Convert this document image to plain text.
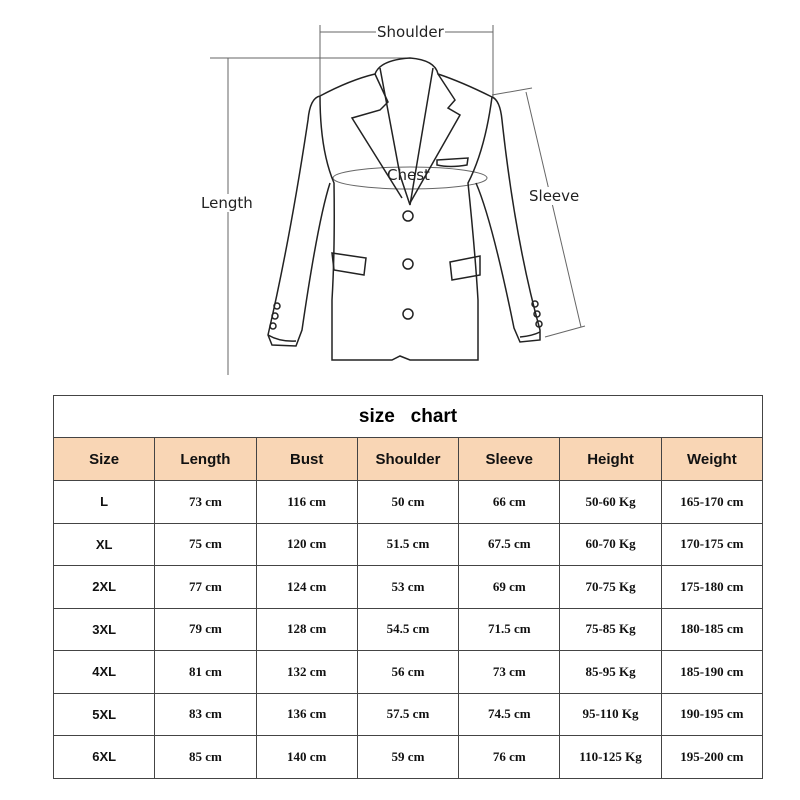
Shoulder
Length
Chest
Sleeve
size   chart						
Size	Length	Bust	Shoulder	Sleeve	Height	Weight
L	73 cm	116 cm	50 cm	66 cm	50-60 Kg	165-170 cm
XL	75 cm	120 cm	51.5 cm	67.5 cm	60-70 Kg	170-175 cm
2XL	77 cm	124 cm	53 cm	69 cm	70-75 Kg	175-180 cm
3XL	79 cm	128 cm	54.5 cm	71.5 cm	75-85 Kg	180-185 cm
4XL	81 cm	132 cm	56 cm	73 cm	85-95 Kg	185-190 cm
5XL	83 cm	136 cm	57.5 cm	74.5 cm	95-110 Kg	190-195 cm
6XL	85 cm	140 cm	59 cm	76 cm	110-125 Kg	195-200 cm
